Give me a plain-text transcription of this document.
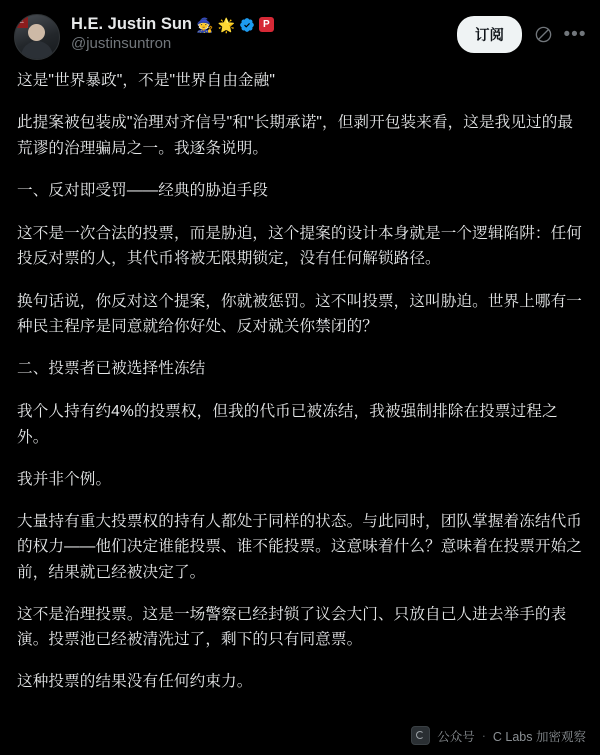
E	H.E. Justin Sun 🧙 🌟	P
@justinsuntron	订阅	•••

这是"世界暴政"，不是"世界自由金融"

此提案被包装成"治理对齐信号"和"长期承诺"，但剥开包装来看，这是我见过的最荒谬的治理骗局之一。我逐条说明。

一、反对即受罚——经典的胁迫手段

这不是一次合法的投票，而是胁迫，这个提案的设计本身就是一个逻辑陷阱：任何投反对票的人，其代币将被无限期锁定，没有任何解锁路径。

换句话说，你反对这个提案，你就被惩罚。这不叫投票，这叫胁迫。世界上哪有一种民主程序是同意就给你好处、反对就关你禁闭的？

二、投票者已被选择性冻结

我个人持有约4%的投票权，但我的代币已被冻结，我被强制排除在投票过程之外。

我并非个例。

大量持有重大投票权的持有人都处于同样的状态。与此同时，团队掌握着冻结代币的权力——他们决定谁能投票、谁不能投票。这意味着什么？意味着在投票开始之前，结果就已经被决定了。

这不是治理投票。这是一场警察已经封锁了议会大门、只放自己人进去举手的表演。投票池已经被清洗过了，剩下的只有同意票。

这种投票的结果没有任何约束力。

公众号 · C Labs 加密观察
